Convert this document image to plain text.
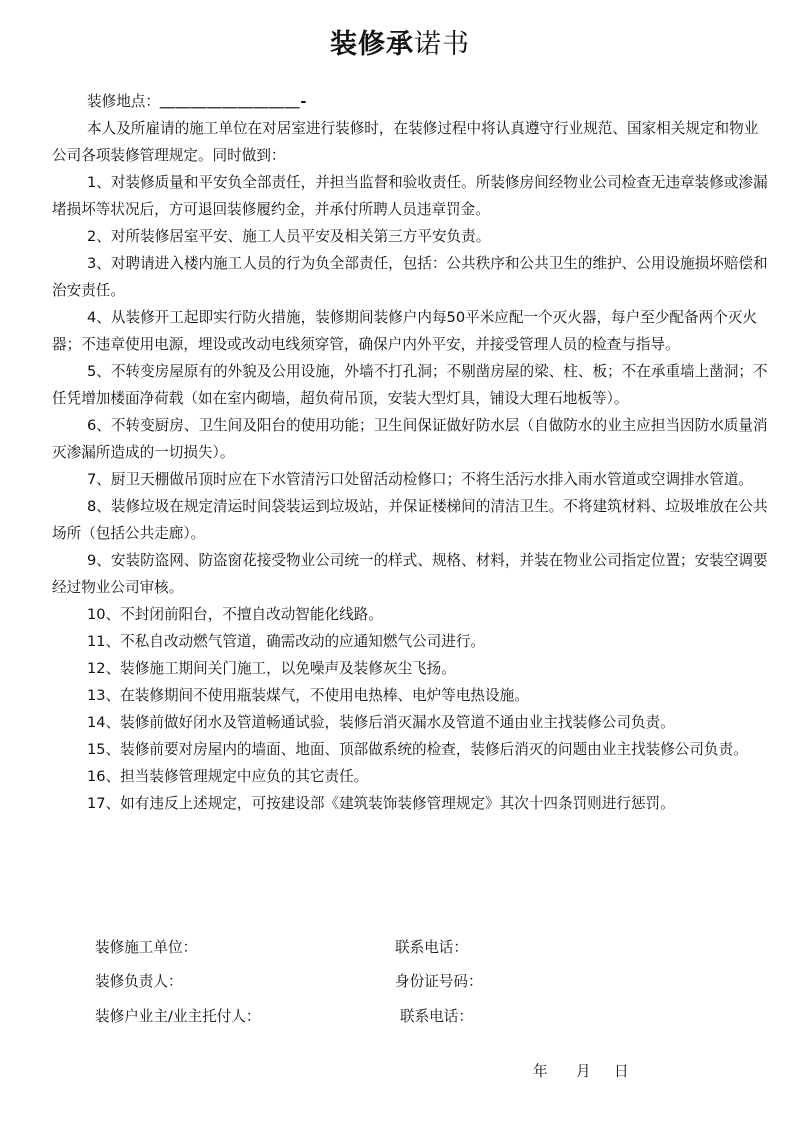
装修承诺书

装修地点：＿＿＿＿＿＿＿＿＿-

本人及所雇请的施工单位在对居室进行装修时，在装修过程中将认真遵守行业规范、国家相关规定和物业公司各项装修管理规定。同时做到：

1、对装修质量和平安负全部责任，并担当监督和验收责任。所装修房间经物业公司检查无违章装修或渗漏堵损坏等状况后，方可退回装修履约金，并承付所聘人员违章罚金。

2、对所装修居室平安、施工人员平安及相关第三方平安负责。

3、对聘请进入楼内施工人员的行为负全部责任，包括：公共秩序和公共卫生的维护、公用设施损坏赔偿和治安责任。

4、从装修开工起即实行防火措施，装修期间装修户内每50平米应配一个灭火器，每户至少配备两个灭火器；不违章使用电源，埋设或改动电线须穿管，确保户内外平安，并接受管理人员的检查与指导。

5、不转变房屋原有的外貌及公用设施，外墙不打孔洞；不剔凿房屋的梁、柱、板；不在承重墙上凿洞；不任凭增加楼面净荷载（如在室内砌墙，超负荷吊顶，安装大型灯具，铺设大理石地板等）。

6、不转变厨房、卫生间及阳台的使用功能；卫生间保证做好防水层（自做防水的业主应担当因防水质量消灭渗漏所造成的一切损失）。

7、厨卫天棚做吊顶时应在下水管清污口处留活动检修口；不将生活污水排入雨水管道或空调排水管道。

8、装修垃圾在规定清运时间袋装运到垃圾站，并保证楼梯间的清洁卫生。不将建筑材料、垃圾堆放在公共场所（包括公共走廊）。

9、安装防盗网、防盗窗花接受物业公司统一的样式、规格、材料，并装在物业公司指定位置；安装空调要经过物业公司审核。

10、不封闭前阳台，不擅自改动智能化线路。

11、不私自改动燃气管道，确需改动的应通知燃气公司进行。

12、装修施工期间关门施工，以免噪声及装修灰尘飞扬。

13、在装修期间不使用瓶装煤气，不使用电热棒、电炉等电热设施。

14、装修前做好闭水及管道畅通试验，装修后消灭漏水及管道不通由业主找装修公司负责。

15、装修前要对房屋内的墙面、地面、顶部做系统的检查，装修后消灭的问题由业主找装修公司负责。

16、担当装修管理规定中应负的其它责任。

17、如有违反上述规定，可按建设部《建筑装饰装修管理规定》其次十四条罚则进行惩罚。

装修施工单位：	联系电话：
装修负责人：	身份证号码：
装修户业主/业主托付人：	联系电话：
年 月 日
